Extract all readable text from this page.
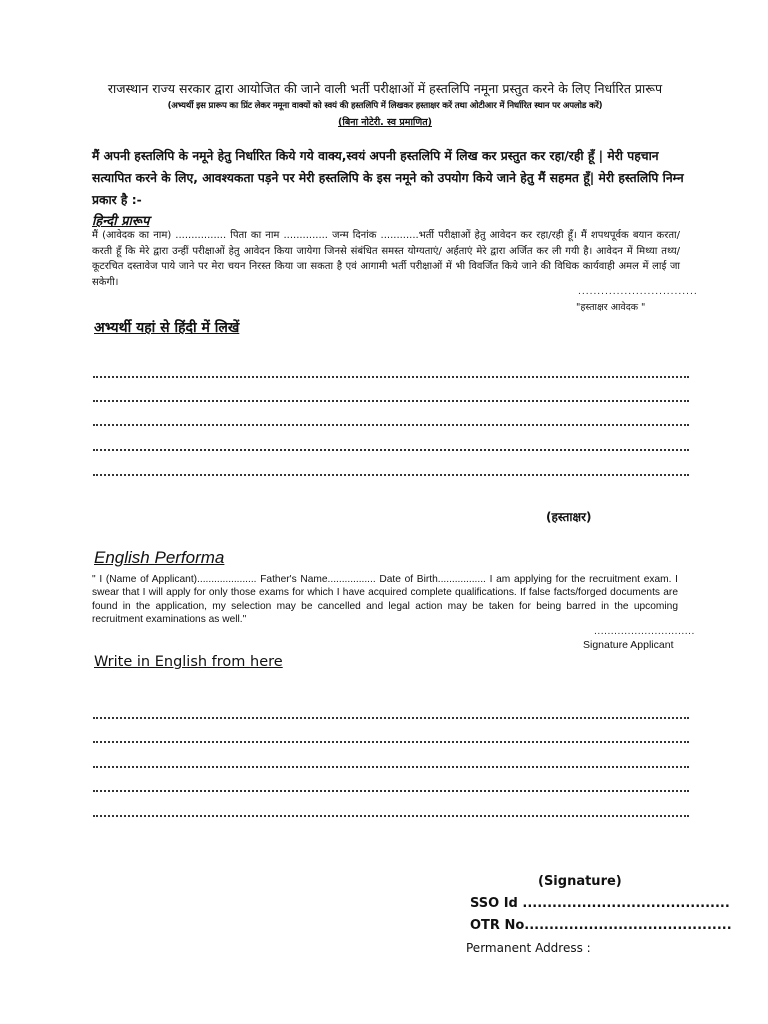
राजस्थान राज्य सरकार द्वारा आयोजित की जाने वाली भर्ती परीक्षाओं में हस्तलिपि नमूना प्रस्तुत करने के लिए निर्धारित प्रारूप
(अभ्यर्थी इस प्रारूप का प्रिंट लेकर नमूना वाक्यों को स्वयं की हस्तलिपि में लिखकर हस्ताक्षर करें तथा ओटीआर में निर्धारित स्थान पर अपलोड करें)
(बिना नोटेरी. स्व प्रमाणित)
मैं अपनी हस्तलिपि के नमूने हेतु निर्धारित किये गये वाक्य,स्वयं अपनी हस्तलिपि में लिख कर प्रस्तुत कर रहा/रही हूँ | मेरी पहचान सत्यापित करने के लिए, आवश्यकता पड़ने पर मेरी हस्तलिपि के इस नमूने को उपयोग किये जाने हेतु मैं सहमत हूँ| मेरी हस्तलिपि निम्न प्रकार है :-
हिन्दी प्रारूप
मैं (आवेदक का नाम) ................ पिता का नाम .............. जन्म दिनांक ............भर्ती परीक्षाओं हेतु आवेदन कर रहा/रही हूँ। मैं शपथपूर्वक बयान करता/करती हूँ कि मेरे द्वारा उन्हीं परीक्षाओं हेतु आवेदन किया जायेगा जिनसे संबंधित समस्त योग्यताएं/ अर्हताएं मेरे द्वारा अर्जित कर ली गयी है। आवेदन में मिथ्या तथ्य/कूटरचित दस्तावेज पाये जाने पर मेरा चयन निरस्त किया जा सकता है एवं आगामी भर्ती परीक्षाओं में भी विवर्जित किये जाने की विधिक कार्यवाही अमल में लाई जा सकेगी।
...............................
"हस्ताक्षर आवेदक "
अभ्यर्थी यहां से हिंदी में लिखें
(हस्ताक्षर)
English Performa
" I (Name of Applicant)..................... Father's Name................. Date of Birth................. I am applying for the recruitment exam. I swear that I will apply for only those exams for which I have acquired complete qualifications. If false facts/forged documents are found in the application, my selection may be cancelled and legal action may be taken for being barred in the upcoming recruitment examinations as well."
..............................
Signature Applicant
Write in English from here
(Signature)
SSO Id ..........................................
OTR No..........................................
Permanent Address :
